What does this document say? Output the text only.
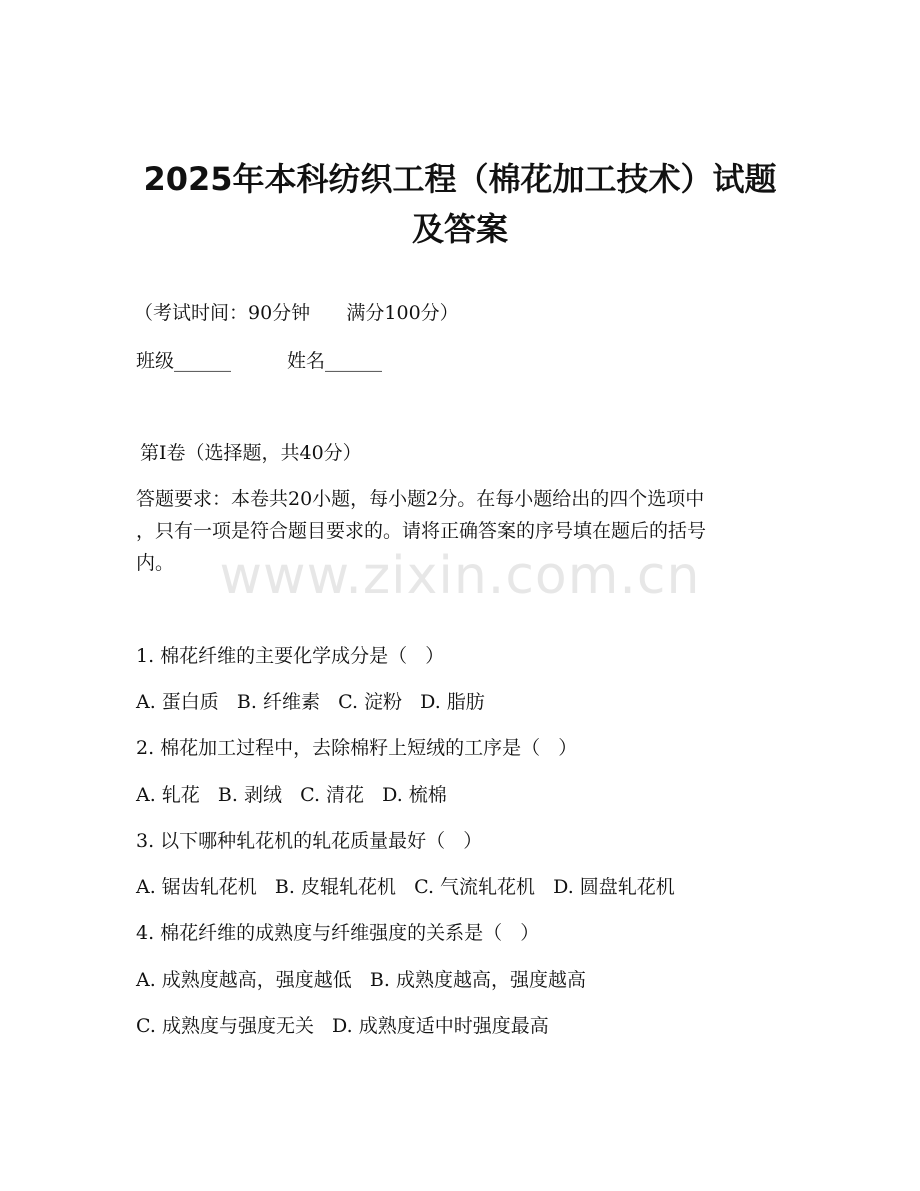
2025年本科纺织工程（棉花加工技术）试题
及答案

（考试时间：90分钟      满分100分）

班级______	姓名______

第Ⅰ卷（选择题，共40分）

答题要求：本卷共20小题，每小题2分。在每小题给出的四个选项中

，只有一项是符合题目要求的。请将正确答案的序号填在题后的括号

内。 www.zixin.com.cn

1. 棉花纤维的主要化学成分是（   ）

A. 蛋白质   B. 纤维素   C. 淀粉   D. 脂肪

2. 棉花加工过程中，去除棉籽上短绒的工序是（   ）

A. 轧花   B. 剥绒   C. 清花   D. 梳棉

3. 以下哪种轧花机的轧花质量最好（   ）

A. 锯齿轧花机   B. 皮辊轧花机   C. 气流轧花机   D. 圆盘轧花机

4. 棉花纤维的成熟度与纤维强度的关系是（   ）

A. 成熟度越高，强度越低   B. 成熟度越高，强度越高

C. 成熟度与强度无关   D. 成熟度适中时强度最高
